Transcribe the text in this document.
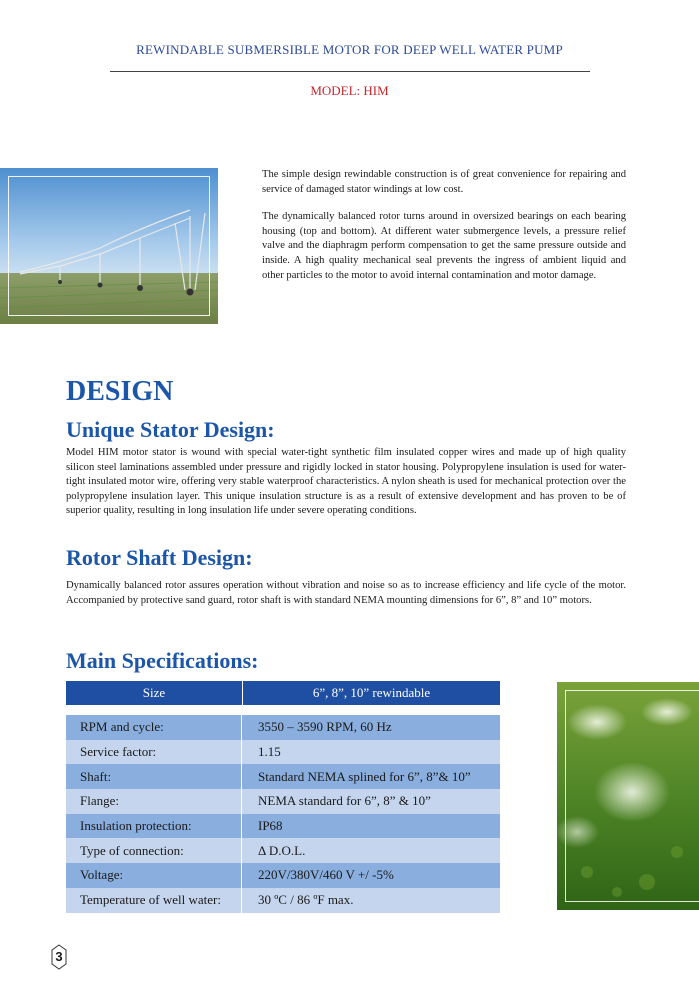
REWINDABLE SUBMERSIBLE MOTOR FOR DEEP WELL WATER PUMP
MODEL: HIM

The simple design rewindable construction is of great convenience for repairing and service of damaged stator windings at low cost.

The dynamically balanced rotor turns around in oversized bearings on each bearing housing (top and bottom). At different water submergence levels, a pressure relief valve and the diaphragm perform compensation to get the same pressure outside and inside. A high quality mechanical seal prevents the ingress of ambient liquid and other particles to the motor to avoid internal contamination and motor damage.

DESIGN
Unique Stator Design:

Model HIM motor stator is wound with special water-tight synthetic film insulated copper wires and made up of high quality silicon steel laminations assembled under pressure and rigidly locked in stator housing. Polypropylene insulation is used for water-tight insulated motor wire, offering very stable waterproof characteristics. A nylon sheath is used for mechanical protection over the polypropylene insulation layer. This unique insulation structure is as a result of extensive development and has proven to be of superior quality, resulting in long insulation life under severe operating conditions.

Rotor Shaft Design:

Dynamically balanced rotor assures operation without vibration and noise so as to increase efficiency and life cycle of the motor. Accompanied by protective sand guard, rotor shaft is with standard NEMA mounting dimensions for 6”, 8” and 10” motors.

Main Specifications:
Size	6”, 8”, 10” rewindable
RPM and cycle:	3550 – 3590 RPM, 60 Hz
Service factor:	1.15
Shaft:	Standard NEMA splined for 6”, 8”& 10”
Flange:	NEMA standard for 6”, 8” & 10”
Insulation protection:	IP68
Type of connection:	Δ D.O.L.
Voltage:	220V/380V/460 V +/ -5%
Temperature of well water:	30 ºC / 86 ºF max.
3
